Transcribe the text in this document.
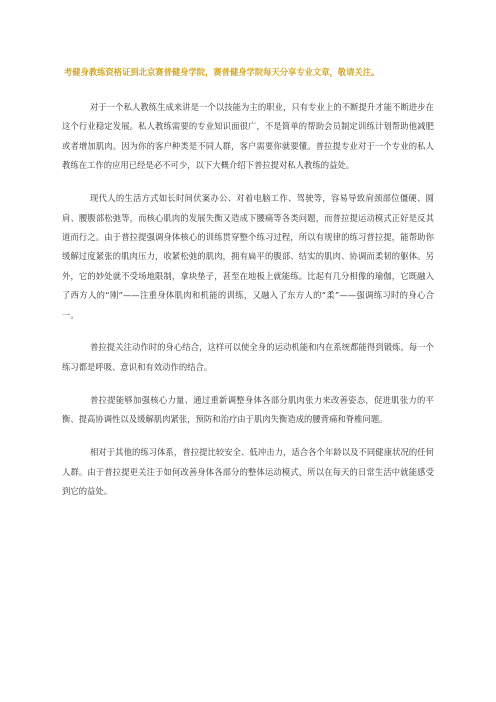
考健身教练资格证到北京赛普健身学院，赛普健身学院每天分享专业文章，敬请关注。

对于一个私人教练生成来讲是一个以技能为主的职业，只有专业上的不断提升才能不断进步在这个行业稳定发展。私人教练需要的专业知识面很广，不是简单的帮助会员制定训练计划帮助他减肥或者增加肌肉。因为你的客户种类是不同人群，客户需要你就要懂。普拉提专业对于一个专业的私人教练在工作的应用已经是必不可少，以下大概介绍下普拉提对私人教练的益处。

现代人的生活方式如长时间伏案办公、对着电脑工作、驾驶等，容易导致肩颈部位僵硬、圆肩、腰腹部松弛等，而核心肌肉的发展失衡又造成下腰痛等各类问题，而普拉提运动模式正好是反其道而行之。由于普拉提强调身体核心的训练贯穿整个练习过程，所以有规律的练习普拉提，能帮助你缓解过度紧张的肌肉压力，收紧松弛的肌肉，拥有扁平的腹部、结实的肌肉、协调而柔韧的躯体。另外，它的妙处就不受场地限制，拿块垫子，甚至在地板上就能练。比起有几分相像的瑜伽，它既融入了西方人的“刚”——注重身体肌肉和机能的训练，又融入了东方人的“柔”——强调练习时的身心合一。

普拉提关注动作时的身心结合，这样可以使全身的运动机能和内在系统都能得到锻炼。每一个练习都是呼吸、意识和有效动作的结合。

普拉提能够加强核心力量、通过重新调整身体各部分肌肉张力来改善姿态，促进肌张力的平衡、提高协调性以及缓解肌肉紧张，预防和治疗由于肌肉失衡造成的腰背痛和脊椎问题。

相对于其他的练习体系，普拉提比较安全、低冲击力，适合各个年龄以及不同健康状况的任何人群。由于普拉提更关注于如何改善身体各部分的整体运动模式，所以在每天的日常生活中就能感受到它的益处。
